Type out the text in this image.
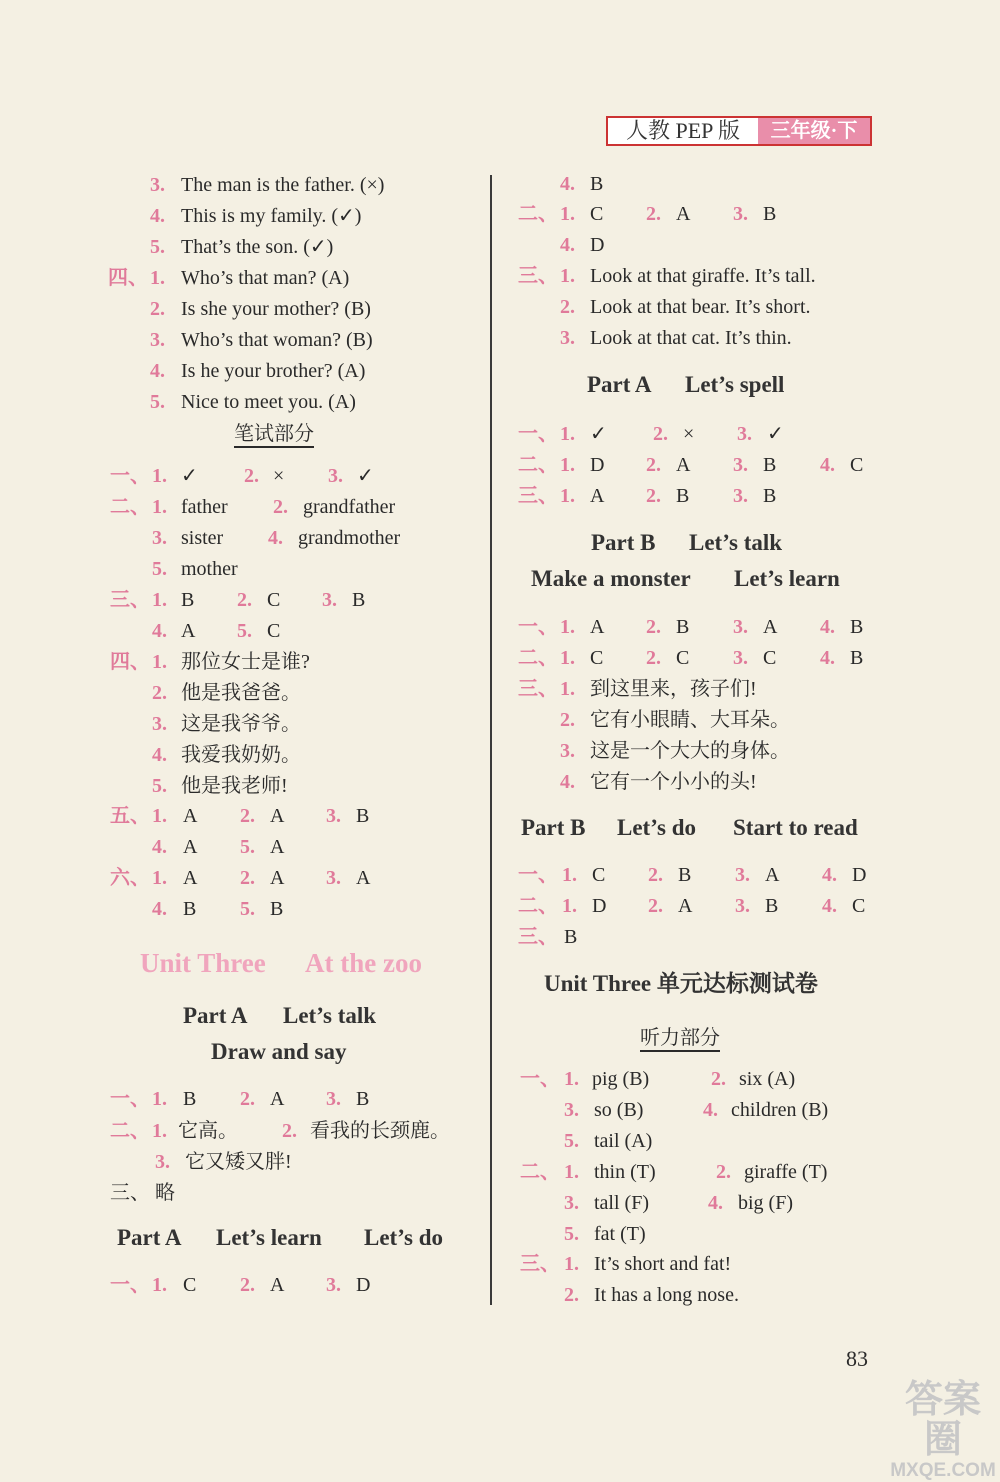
人教 PEP 版	三年级·下
3. The man is the father. (×)
4. This is my family. (✓)
5. That’s the son. (✓)
四、 1. Who’s that man? (A)
2. Is she your mother? (B)
3. Who’s that woman? (B)
4. Is he your brother? (A)
5. Nice to meet you. (A)
笔试部分
一、 1. ✓ 2. × 3. ✓
二、 1. father 2. grandfather
3. sister 4. grandmother
5. mother
三、 1. B 2. C 3. B
4. A 5. C
四、 1. 那位女士是谁?
2. 他是我爸爸。
3. 这是我爷爷。
4. 我爱我奶奶。
5. 他是我老师!
五、 1. A 2. A 3. B
4. A 5. A
六、 1. A 2. A 3. A
4. B 5. B
Unit Three At the zoo
Part A Let’s talk
Draw and say
一、 1. B 2. A 3. B
二、 1. 它高。 2. 看我的长颈鹿。
3. 它又矮又胖!
三、 略
Part A Let’s learn Let’s do
一、 1. C 2. A 3. D
4. B
二、 1. C 2. A 3. B
4. D
三、 1. Look at that giraffe. It’s tall.
2. Look at that bear. It’s short.
3. Look at that cat. It’s thin.
Part A Let’s spell
一、 1. ✓ 2. × 3. ✓
二、 1. D 2. A 3. B 4. C
三、 1. A 2. B 3. B
Part B Let’s talk
Make a monster Let’s learn
一、 1. A 2. B 3. A 4. B
二、 1. C 2. C 3. C 4. B
三、 1. 到这里来，孩子们!
2. 它有小眼睛、大耳朵。
3. 这是一个大大的身体。
4. 它有一个小小的头!
Part B Let’s do Start to read
一、 1. C 2. B 3. A 4. D
二、 1. D 2. A 3. B 4. C
三、 B
Unit Three 单元达标测试卷
听力部分
一、 1. pig (B)	2. six (A)
3. so (B)	4. children (B)
5. tail (A)
二、 1. thin (T)	2. giraffe (T)
3. tall (F)	4. big (F)
5. fat (T)
三、 1. It’s short and fat!
2. It has a long nose.
83
答案圈
MXQE.COM
